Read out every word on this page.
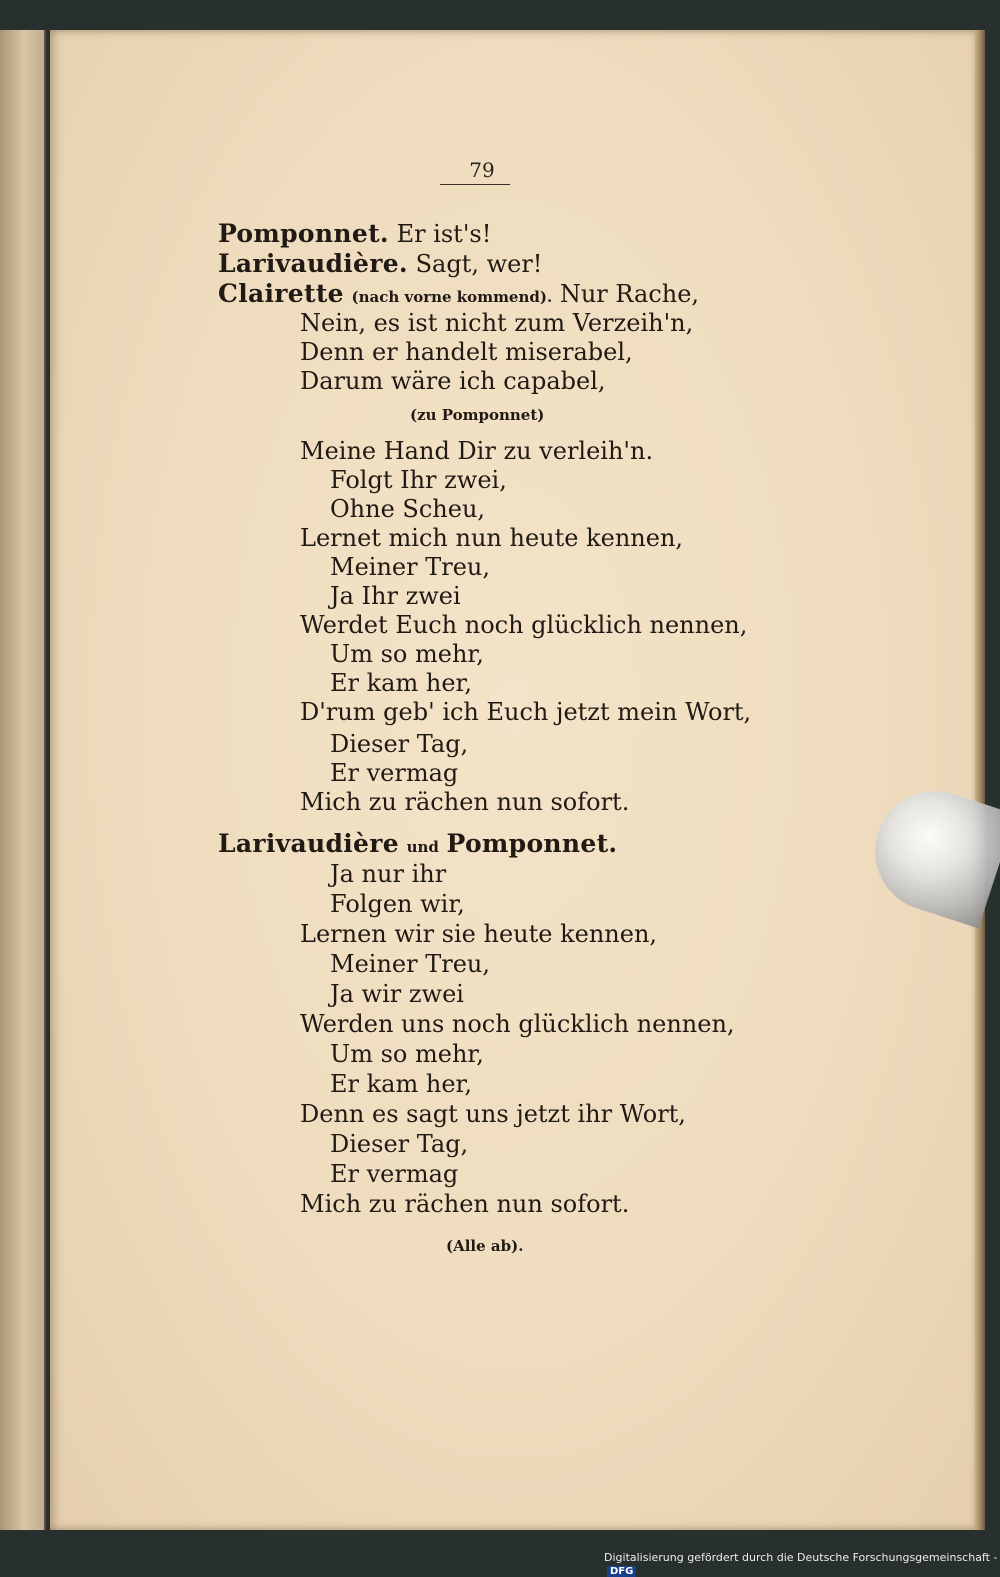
79
Pomponnet. Er ist's!
Larivaudière. Sagt, wer!
Clairette (nach vorne kommend). Nur Rache,
Nein, es ist nicht zum Verzeih'n,
Denn er handelt miserabel,
Darum wäre ich capabel,
(zu Pomponnet)
Meine Hand Dir zu verleih'n.
Folgt Ihr zwei,
Ohne Scheu,
Lernet mich nun heute kennen,
Meiner Treu,
Ja Ihr zwei
Werdet Euch noch glücklich nennen,
Um so mehr,
Er kam her,
D'rum geb' ich Euch jetzt mein Wort,
Dieser Tag,
Er vermag
Mich zu rächen nun sofort.
Larivaudière und Pomponnet.
Ja nur ihr
Folgen wir,
Lernen wir sie heute kennen,
Meiner Treu,
Ja wir zwei
Werden uns noch glücklich nennen,
Um so mehr,
Er kam her,
Denn es sagt uns jetzt ihr Wort,
Dieser Tag,
Er vermag
Mich zu rächen nun sofort.
(Alle ab).
Digitalisierung gefördert durch die Deutsche Forschungsgemeinschaft -DFG
